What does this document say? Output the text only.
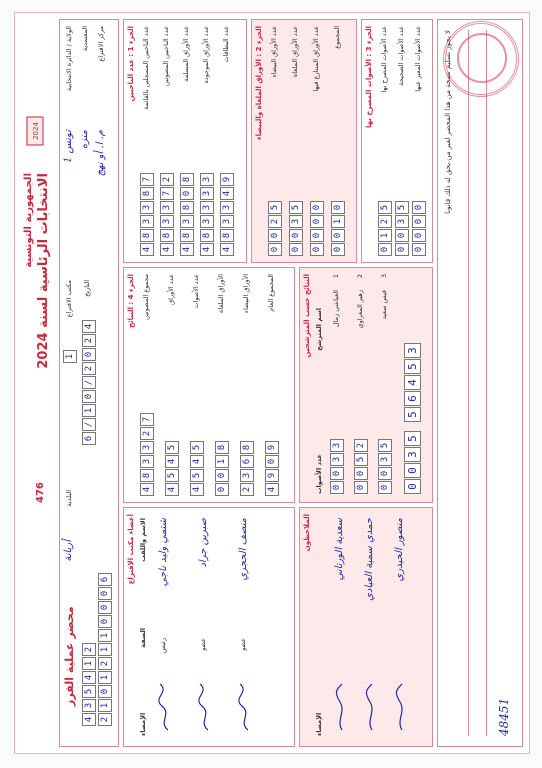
الجمهورية التونسية
الانتخابات الرئاسية لسنة 2024
476
2024
محضر عملية الفرز
الولاية / الدائرة الانتخابية
تونس 1
المعتمدية
منزه
مركز الاقتراع
م. ا. أو نهج
مكتب الاقتراع
1
التاريخ
6
/
1
0
/
2
0
2
4
البلدية
أريانة
2
1
0
1
2
1
1
0
0
0
6
4
3
5
4
1
2
الجزء 1 : عدد الناخبين عدد الناخبين المسجلين بالقائمة
4
8
3
3
8
7
عدد الناخبين المصوتين
4
8
3
3
7
2
عدد الأوراق المسلمة
4
8
3
8
0
8
عدد الأوراق الموجودة
4
8
3
3
3
3
عدد البطاقات
4
8
3
3
4
9
الجزء 2 : الأوراق الملغاة والبيضاء عدد الأوراق البيضاء
0
0
2
5
عدد الأوراق الملغاة
0
0
3
5
عدد الأوراق المتنازع فيها
0
0
0
0
المجموع
0
0
1
0
الجزء 3 : الأصوات المصرح بها عدد الأصوات المصرح بها
0
1
2
5
عدد الأصوات الصحيحة
0
0
3
5
عدد الأصوات المعبر عنها
0
0
0
0
الجزء 4 : النتائج مجموع المصوتين
4
8
3
3
2
7
عدد الأوراق
4
5
4
5
عدد الأصوات
4
5
4
5
الأوراق الملغاة
0
0
1
8
الأوراق البيضاء
2
3
6
8
المجموع العام
4
9
0
9
النتائج حسب المترشحين اسم المترشح
عدد الأصوات
1
العياشي زمال
0
0
3
3
2
زهير المغزاوي
0
0
5
2
3
قيس سعيد
0
0
3
5
0
0
3
5
5
6
4
5
3
أعضاء مكتب الاقتراع الاسم واللقب
الصفة
الإمضاء
شتمي وليد ناجي
رئيس
صبرين جراد
عضو
منصف الحجري
عضو
الملاحظون
الإمضاء
سعدية الورتاني حمدي سمية العيادي منصور الحيدري
لا يجوز تسليم نسخة من هذا المحضر لغير من يحق له ذلك قانونا
48451
